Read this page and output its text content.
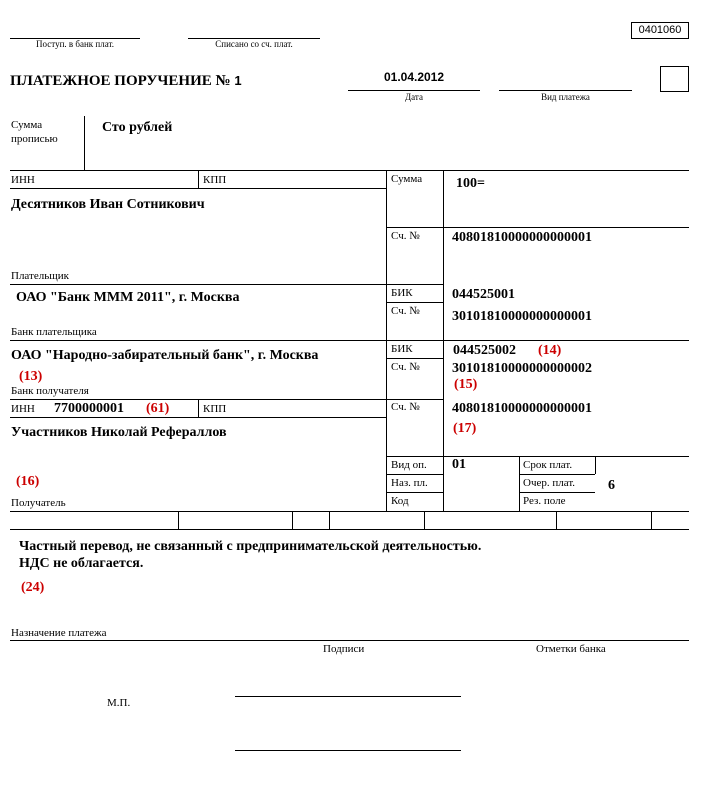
0401060
Поступ. в банк плат.	Списано со сч. плат.
ПЛАТЕЖНОЕ ПОРУЧЕНИЕ № 1	01.04.2012
Дата	Вид платежа
Сумма
прописью
Сто рублей
ИНН	КПП
Десятников Иван Сотникович
Плательщик
Сумма 100=
Сч. № 40801810000000000001
ОАО "Банк МММ 2011", г. Москва
Банк плательщика
БИК	044525001
Сч. № 30101810000000000001
ОАО "Народно-забирательный банк", г. Москва
(13)
Банк получателя
БИК	044525002 (14)
Сч. № 30101810000000000002
(15)
ИНН 7700000001 (61)	КПП
Участников Николай Рефераллов
(16)
Получатель
Сч. № 40801810000000000001
(17)
Вид оп. 01
Наз. пл.
Код
Срок плат.
Очер. плат. 6
Рез. поле
Частный перевод, не связанный с предпринимательской деятельностью.
НДС не облагается.
(24)
Назначение платежа
Подписи	Отметки банка
М.П.
